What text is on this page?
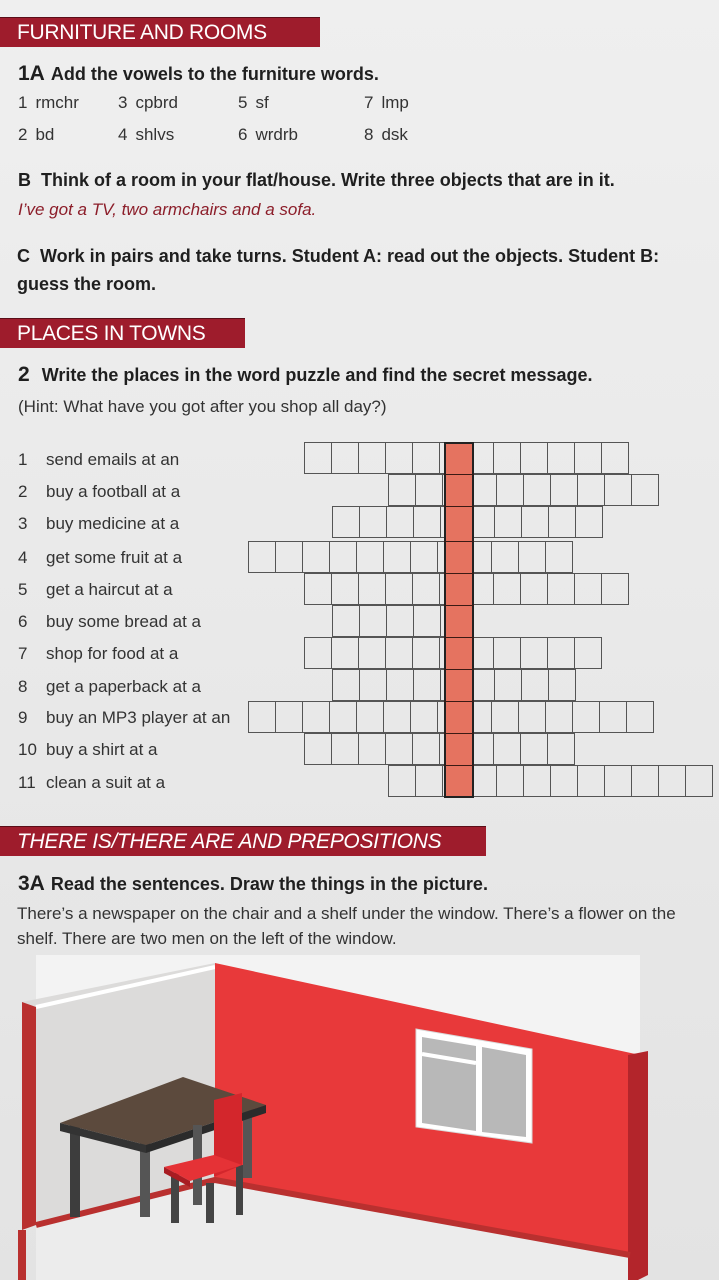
FURNITURE AND ROOMS
1A Add the vowels to the furniture words.
1 rmchr
2 bd
3 cpbrd
4 shlvs
5 sf
6 wrdrb
7 lmp
8 dsk
B Think of a room in your flat/house. Write three objects that are in it.
I’ve got a TV, two armchairs and a sofa.
C Work in pairs and take turns. Student A: read out the objects. Student B: guess the room.
PLACES IN TOWNS
2 Write the places in the word puzzle and find the secret message.
(Hint: What have you got after you shop all day?)
1 send emails at an
2 buy a football at a
3 buy medicine at a
4 get some fruit at a
5 get a haircut at a
6 buy some bread at a
7 shop for food at a
8 get a paperback at a
9 buy an MP3 player at an
10 buy a shirt at a
11 clean a suit at a
THERE IS/THERE ARE AND PREPOSITIONS
3A Read the sentences. Draw the things in the picture.
There’s a newspaper on the chair and a shelf under the window. There’s a flower on the shelf. There are two men on the left of the window.
